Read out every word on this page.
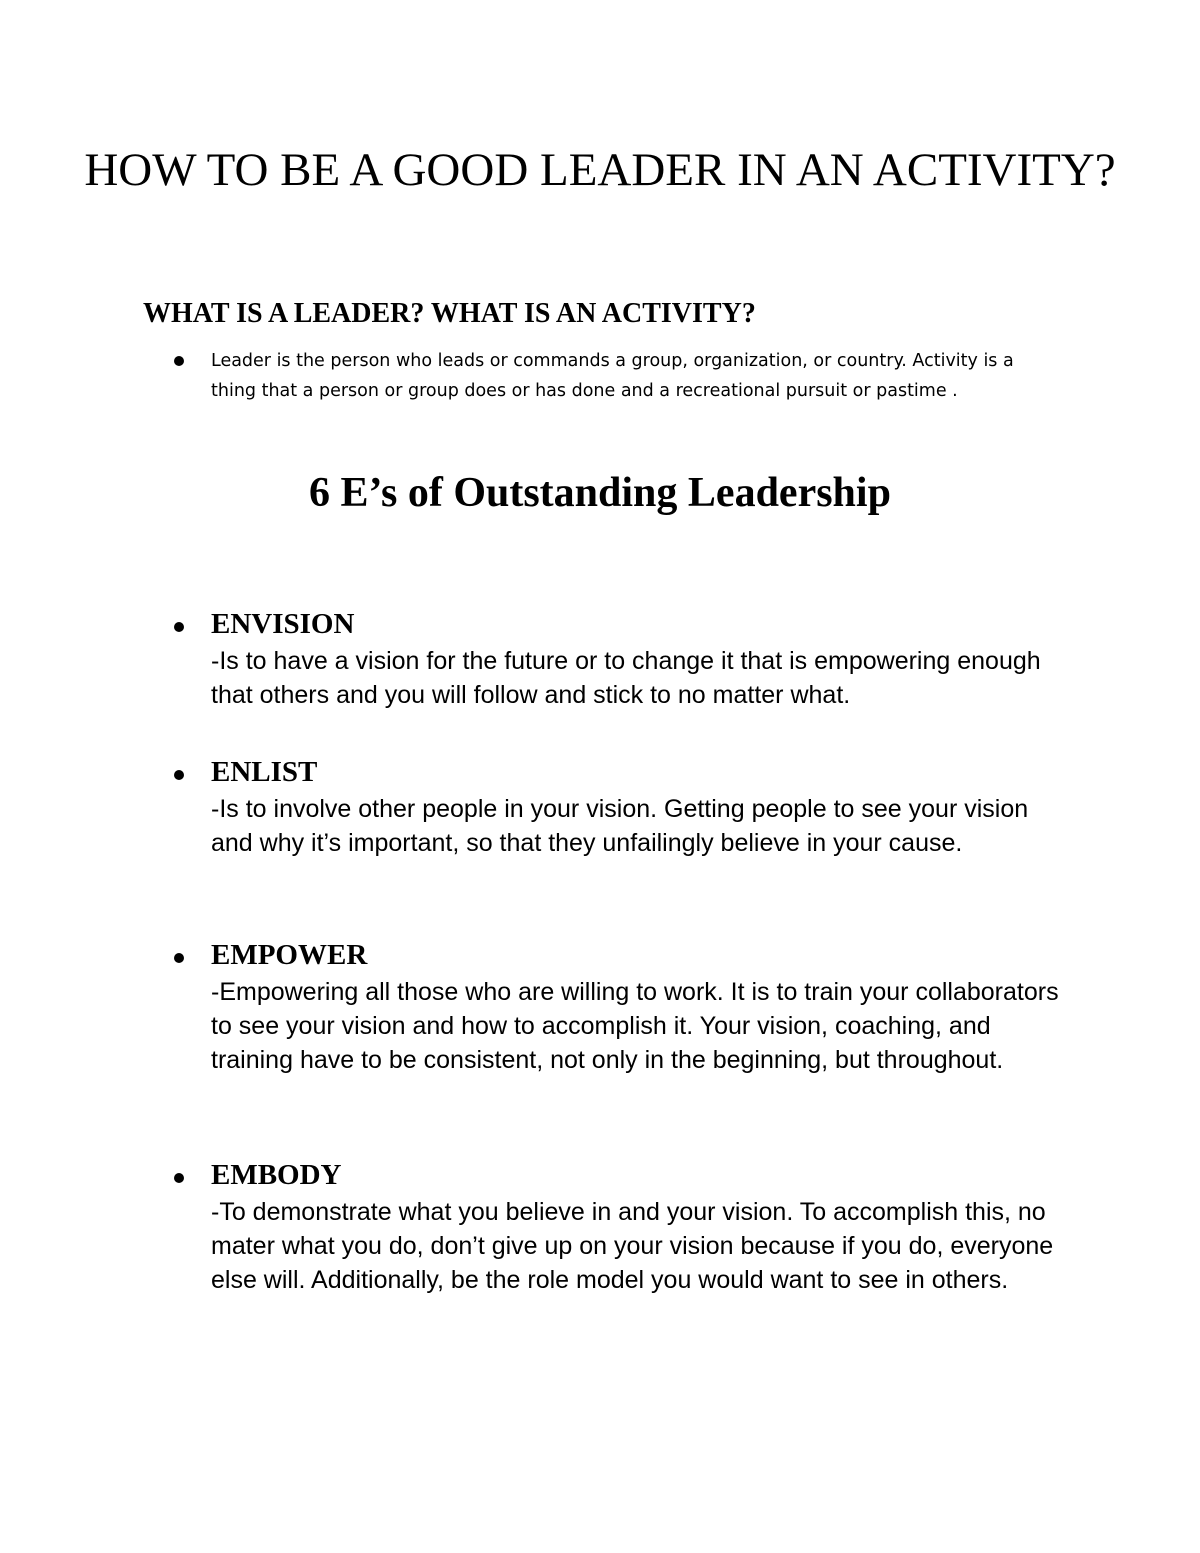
HOW TO BE A GOOD LEADER IN AN ACTIVITY?
WHAT IS A LEADER? WHAT IS AN ACTIVITY?

Leader is the person who leads or commands a group, organization, or country. Activity is a thing that a person or group does or has done and a recreational pursuit or pastime .

6 E’s of Outstanding Leadership
ENVISION

-Is to have a vision for the future or to change it that is empowering enough that others and you will follow and stick to no matter what.

ENLIST

-Is to involve other people in your vision. Getting people to see your vision and why it’s important, so that they unfailingly believe in your cause.

EMPOWER

-Empowering all those who are willing to work. It is to train your collaborators to see your vision and how to accomplish it. Your vision, coaching, and training have to be consistent, not only in the beginning, but throughout.

EMBODY

-To demonstrate what you believe in and your vision. To accomplish this, no mater what you do, don’t give up on your vision because if you do, everyone else will. Additionally, be the role model you would want to see in others.
